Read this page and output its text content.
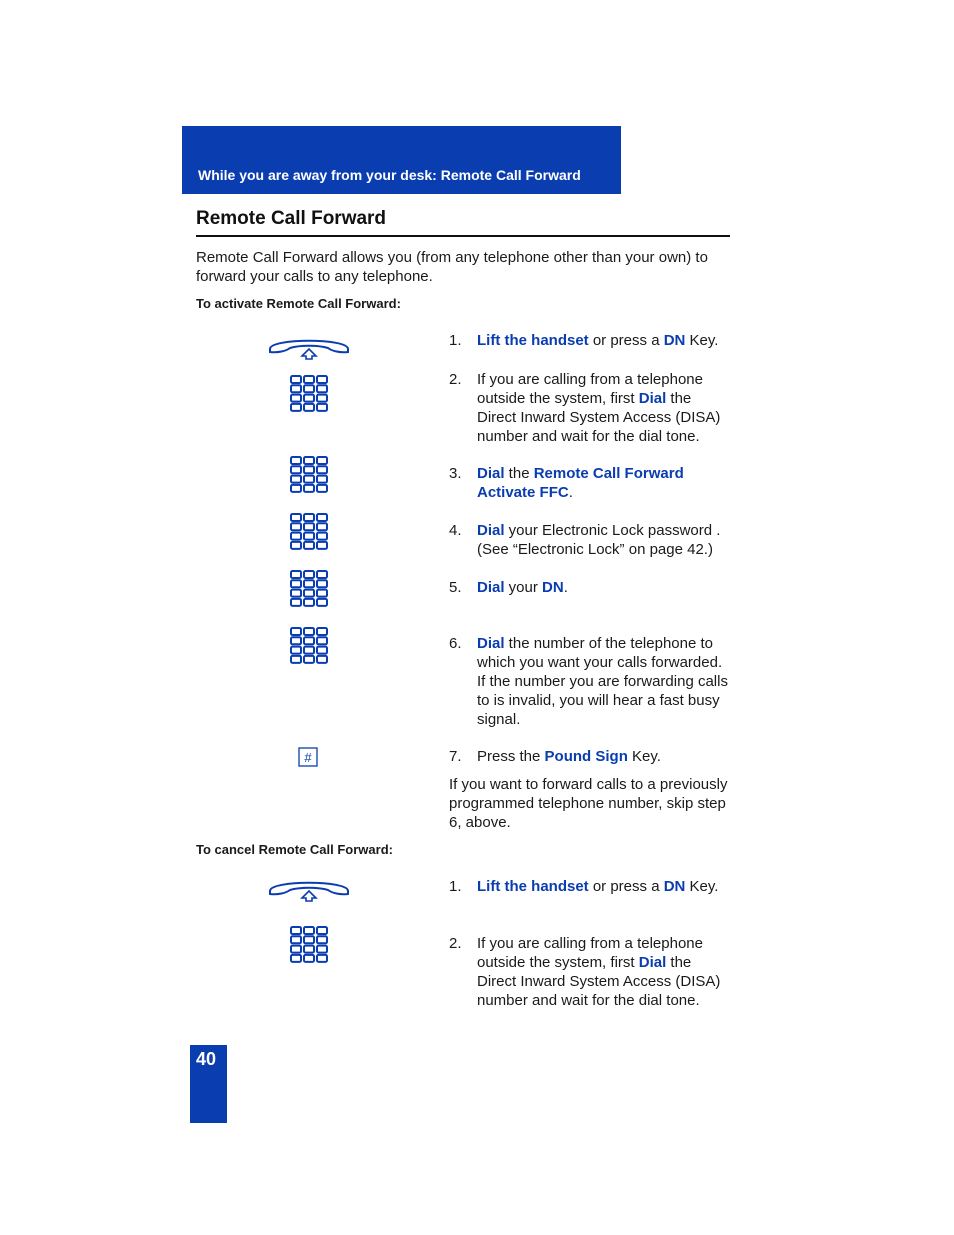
While you are away from your desk: Remote Call Forward
Remote Call Forward
Remote Call Forward allows you (from any telephone other than your own) to forward your calls to any telephone.
To activate Remote Call Forward:
#
1. Lift the handset or press a DN Key.
2. If you are calling from a telephone outside the system, first Dial the Direct Inward System Access (DISA) number and wait for the dial tone.
3. Dial the Remote Call Forward Activate FFC.
4. Dial your Electronic Lock password . (See “Electronic Lock” on page 42.)
5. Dial your DN.
6. Dial the number of the telephone to which you want your calls forwarded. If the number you are forwarding calls to is invalid, you will hear a fast busy signal.
7. Press the Pound Sign Key.
If you want to forward calls to a previously programmed telephone number, skip step 6, above.
To cancel Remote Call Forward:
1. Lift the handset or press a DN Key.
2. If you are calling from a telephone outside the system, first Dial the Direct Inward System Access (DISA) number and wait for the dial tone.
40
